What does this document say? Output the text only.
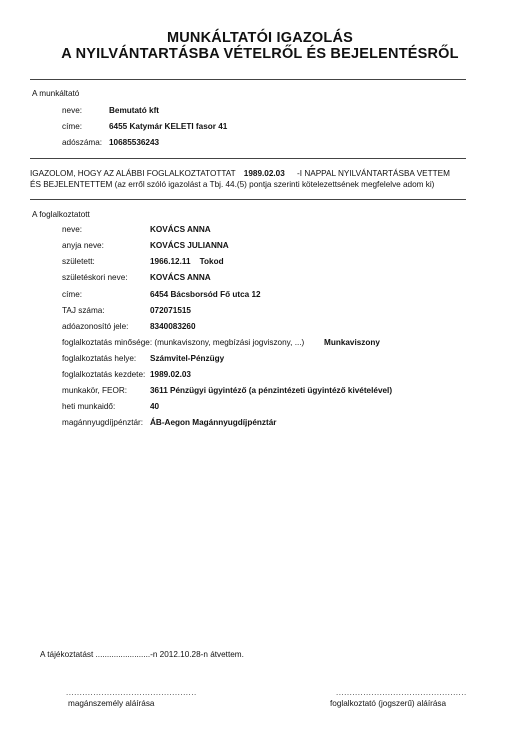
MUNKÁLTATÓI IGAZOLÁS
A NYILVÁNTARTÁSBA VÉTELRŐL ÉS BEJELENTÉSRŐL
A munkáltató
neve:	Bemutató kft
címe:	6455 Katymár KELETI fasor 41
adószáma: 10685536243
IGAZOLOM, HOGY AZ ALÁBBI FOGLALKOZTATOTTAT 1989.02.03 -I NAPPAL NYILVÁNTARTÁSBA VETTEM
ÉS BEJELENTETTEM (az erről szóló igazolást a Tbj. 44.(5) pontja szerinti kötelezettsének megfelelve adom ki)
A foglalkoztatott
neve:	KOVÁCS ANNA
anyja neve:	KOVÁCS JULIANNA
született:	1966.12.11    Tokod
születéskori neve:	KOVÁCS ANNA
címe:	6454 Bácsborsód Fő utca 12
TAJ száma:	072071515
adóazonosító jele:	8340083260
foglalkoztatás minősége: (munkaviszony, megbízási jogviszony, ...) Munkaviszony
foglalkoztatás helye: Számvitel-Pénzügy
foglalkoztatás kezdete: 1989.02.03
munkakör, FEOR:	3611 Pénzügyi ügyintéző (a pénzintézeti ügyintéző kivételével)
heti munkaidő:	40
magánnyugdíjpénztár: ÁB-Aegon Magánnyugdíjpénztár
A tájékoztatást ........................-n 2012.10.28-n átvettem.
................................................	................................................
magánszemély aláírása	foglalkoztató (jogszerű) aláírása
